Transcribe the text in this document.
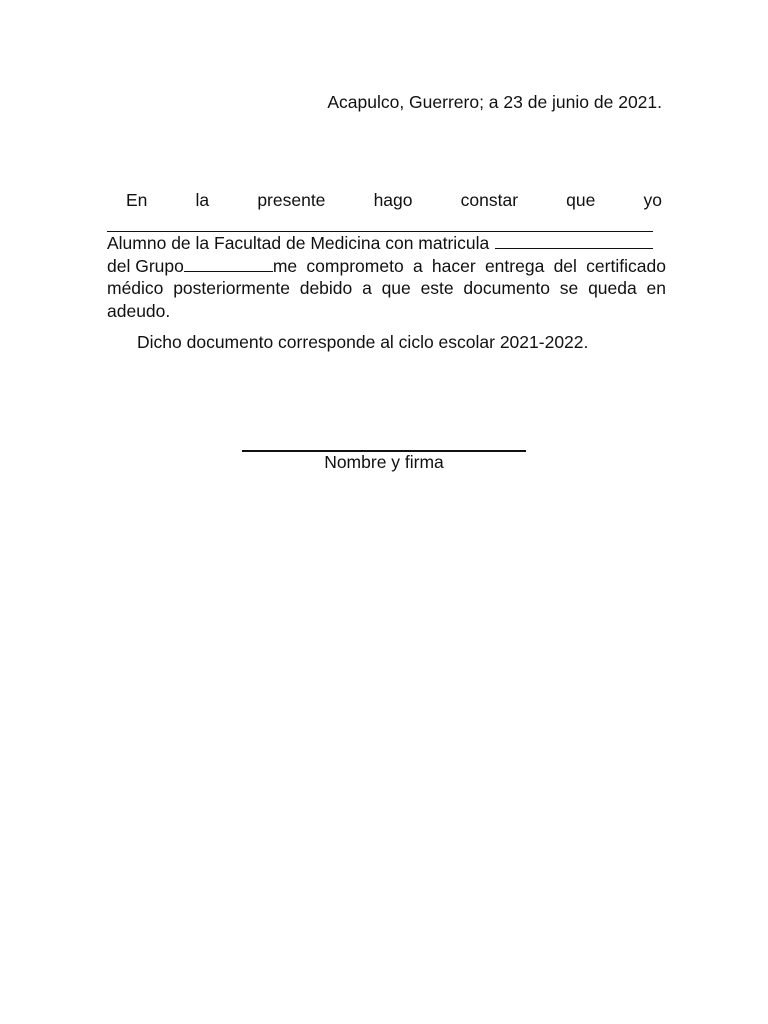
Acapulco, Guerrero; a 23 de junio de 2021.
En	la	presente	hago	constar	que	yo
Alumno de la Facultad de Medicina con matricula
del Grupo	me comprometo a hacer entrega del certificado
médico posteriormente debido a que este documento se queda en
adeudo.
Dicho documento corresponde al ciclo escolar 2021-2022.
Nombre y firma
